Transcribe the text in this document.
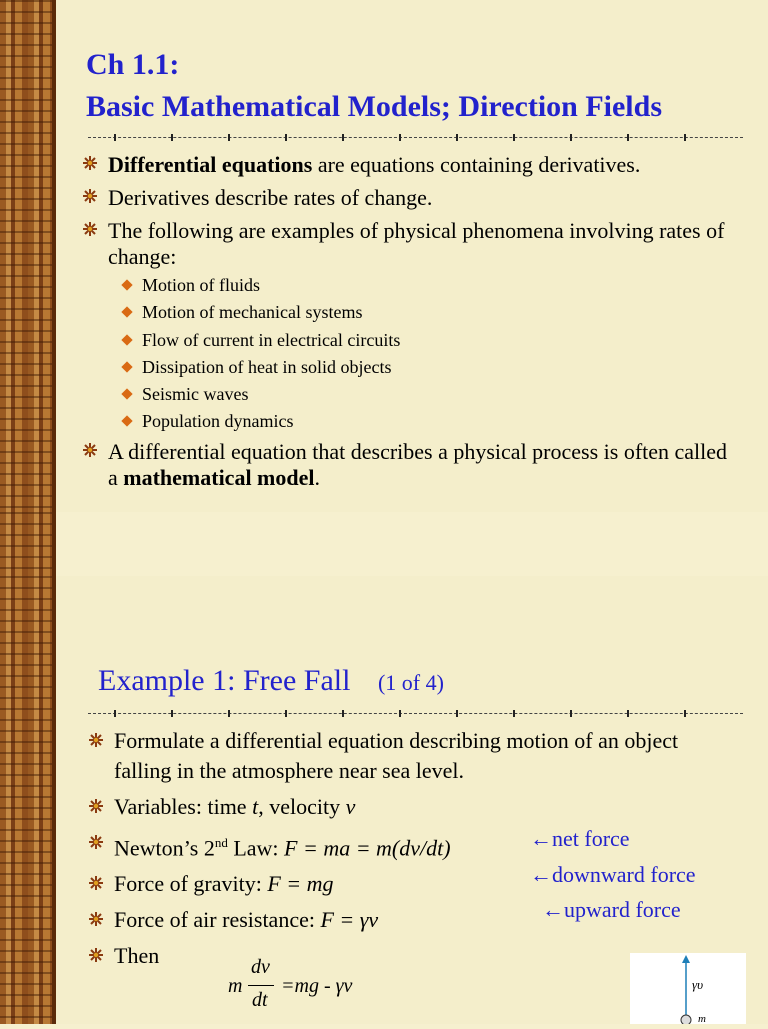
Ch 1.1:
Basic Mathematical Models; Direction Fields
Differential equations are equations containing derivatives.
Derivatives describe rates of change.
The following are examples of physical phenomena involving rates of change:
Motion of fluids
Motion of mechanical systems
Flow of current in electrical circuits
Dissipation of heat in solid objects
Seismic waves
Population dynamics
A differential equation that describes a physical process is often called a mathematical model.
Example 1: Free Fall (1 of 4)
Formulate a differential equation describing motion of an object falling in the atmosphere near sea level.
Variables: time t, velocity v
Newton’s 2nd Law: F = ma = m(dv/dt)
Force of gravity: F = mg
Force of air resistance: F = γv
Then
←net force
←downward force
←upward force
m
dv
dt
=mg - γv	γυ
m
